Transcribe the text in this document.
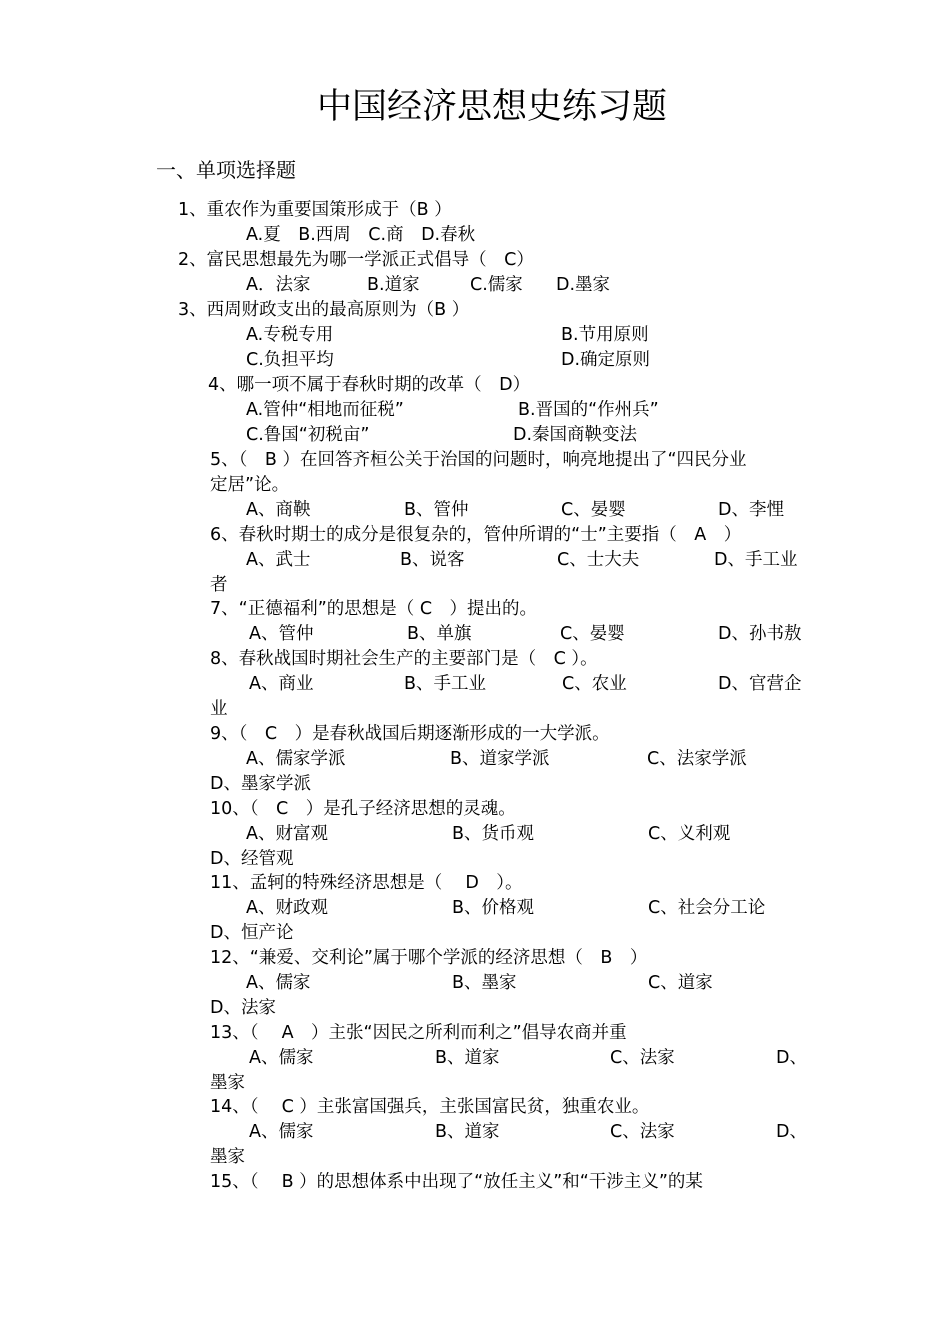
中国经济思想史练习题
一、单项选择题
1、重农作为重要国策形成于（B ）
A.夏　B.西周　C.商　D.春秋
2、富民思想最先为哪一学派正式倡导（　C）
A．法家	B.道家	C.儒家 D.墨家
3、西周财政支出的最高原则为（B ）
A.专税专用	B.节用原则
C.负担平均	D.确定原则
4、哪一项不属于春秋时期的改革（　D）
A.管仲“相地而征税”	B.晋国的“作州兵”
C.鲁国“初税亩”	D.秦国商鞅变法
5、（　B ）在回答齐桓公关于治国的问题时，响亮地提出了“四民分业
定居”论。
A、商鞅	B、管仲	C、晏婴	D、李悝
6、春秋时期士的成分是很复杂的，管仲所谓的“士”主要指（　A　）
A、武士	B、说客	C、士大夫	D、手工业
者
7、“正德福利”的思想是（ C　）提出的。
A、管仲	B、单旗	C、晏婴	D、孙书敖
8、春秋战国时期社会生产的主要部门是（　C ）。
A、商业	B、手工业	C、农业	D、官营企
业
9、（　C　）是春秋战国后期逐渐形成的一大学派。
A、儒家学派	B、道家学派	C、法家学派
D、墨家学派
10、（　C　）是孔子经济思想的灵魂。
A、财富观	B、货币观	C、义利观
D、经管观
11、孟轲的特殊经济思想是（　 D　）。
A、财政观	B、价格观	C、社会分工论
D、恒产论
12、“兼爱、交利论”属于哪个学派的经济思想（　B　）
A、儒家	B、墨家	C、道家
D、法家
13、（　 A　）主张“因民之所利而利之”倡导农商并重
A、儒家	B、道家	C、法家	D、
墨家
14、（　 C ）主张富国强兵，主张国富民贫，独重农业。
A、儒家	B、道家	C、法家	D、
墨家
15、（　 B ）的思想体系中出现了“放任主义”和“干涉主义”的某
